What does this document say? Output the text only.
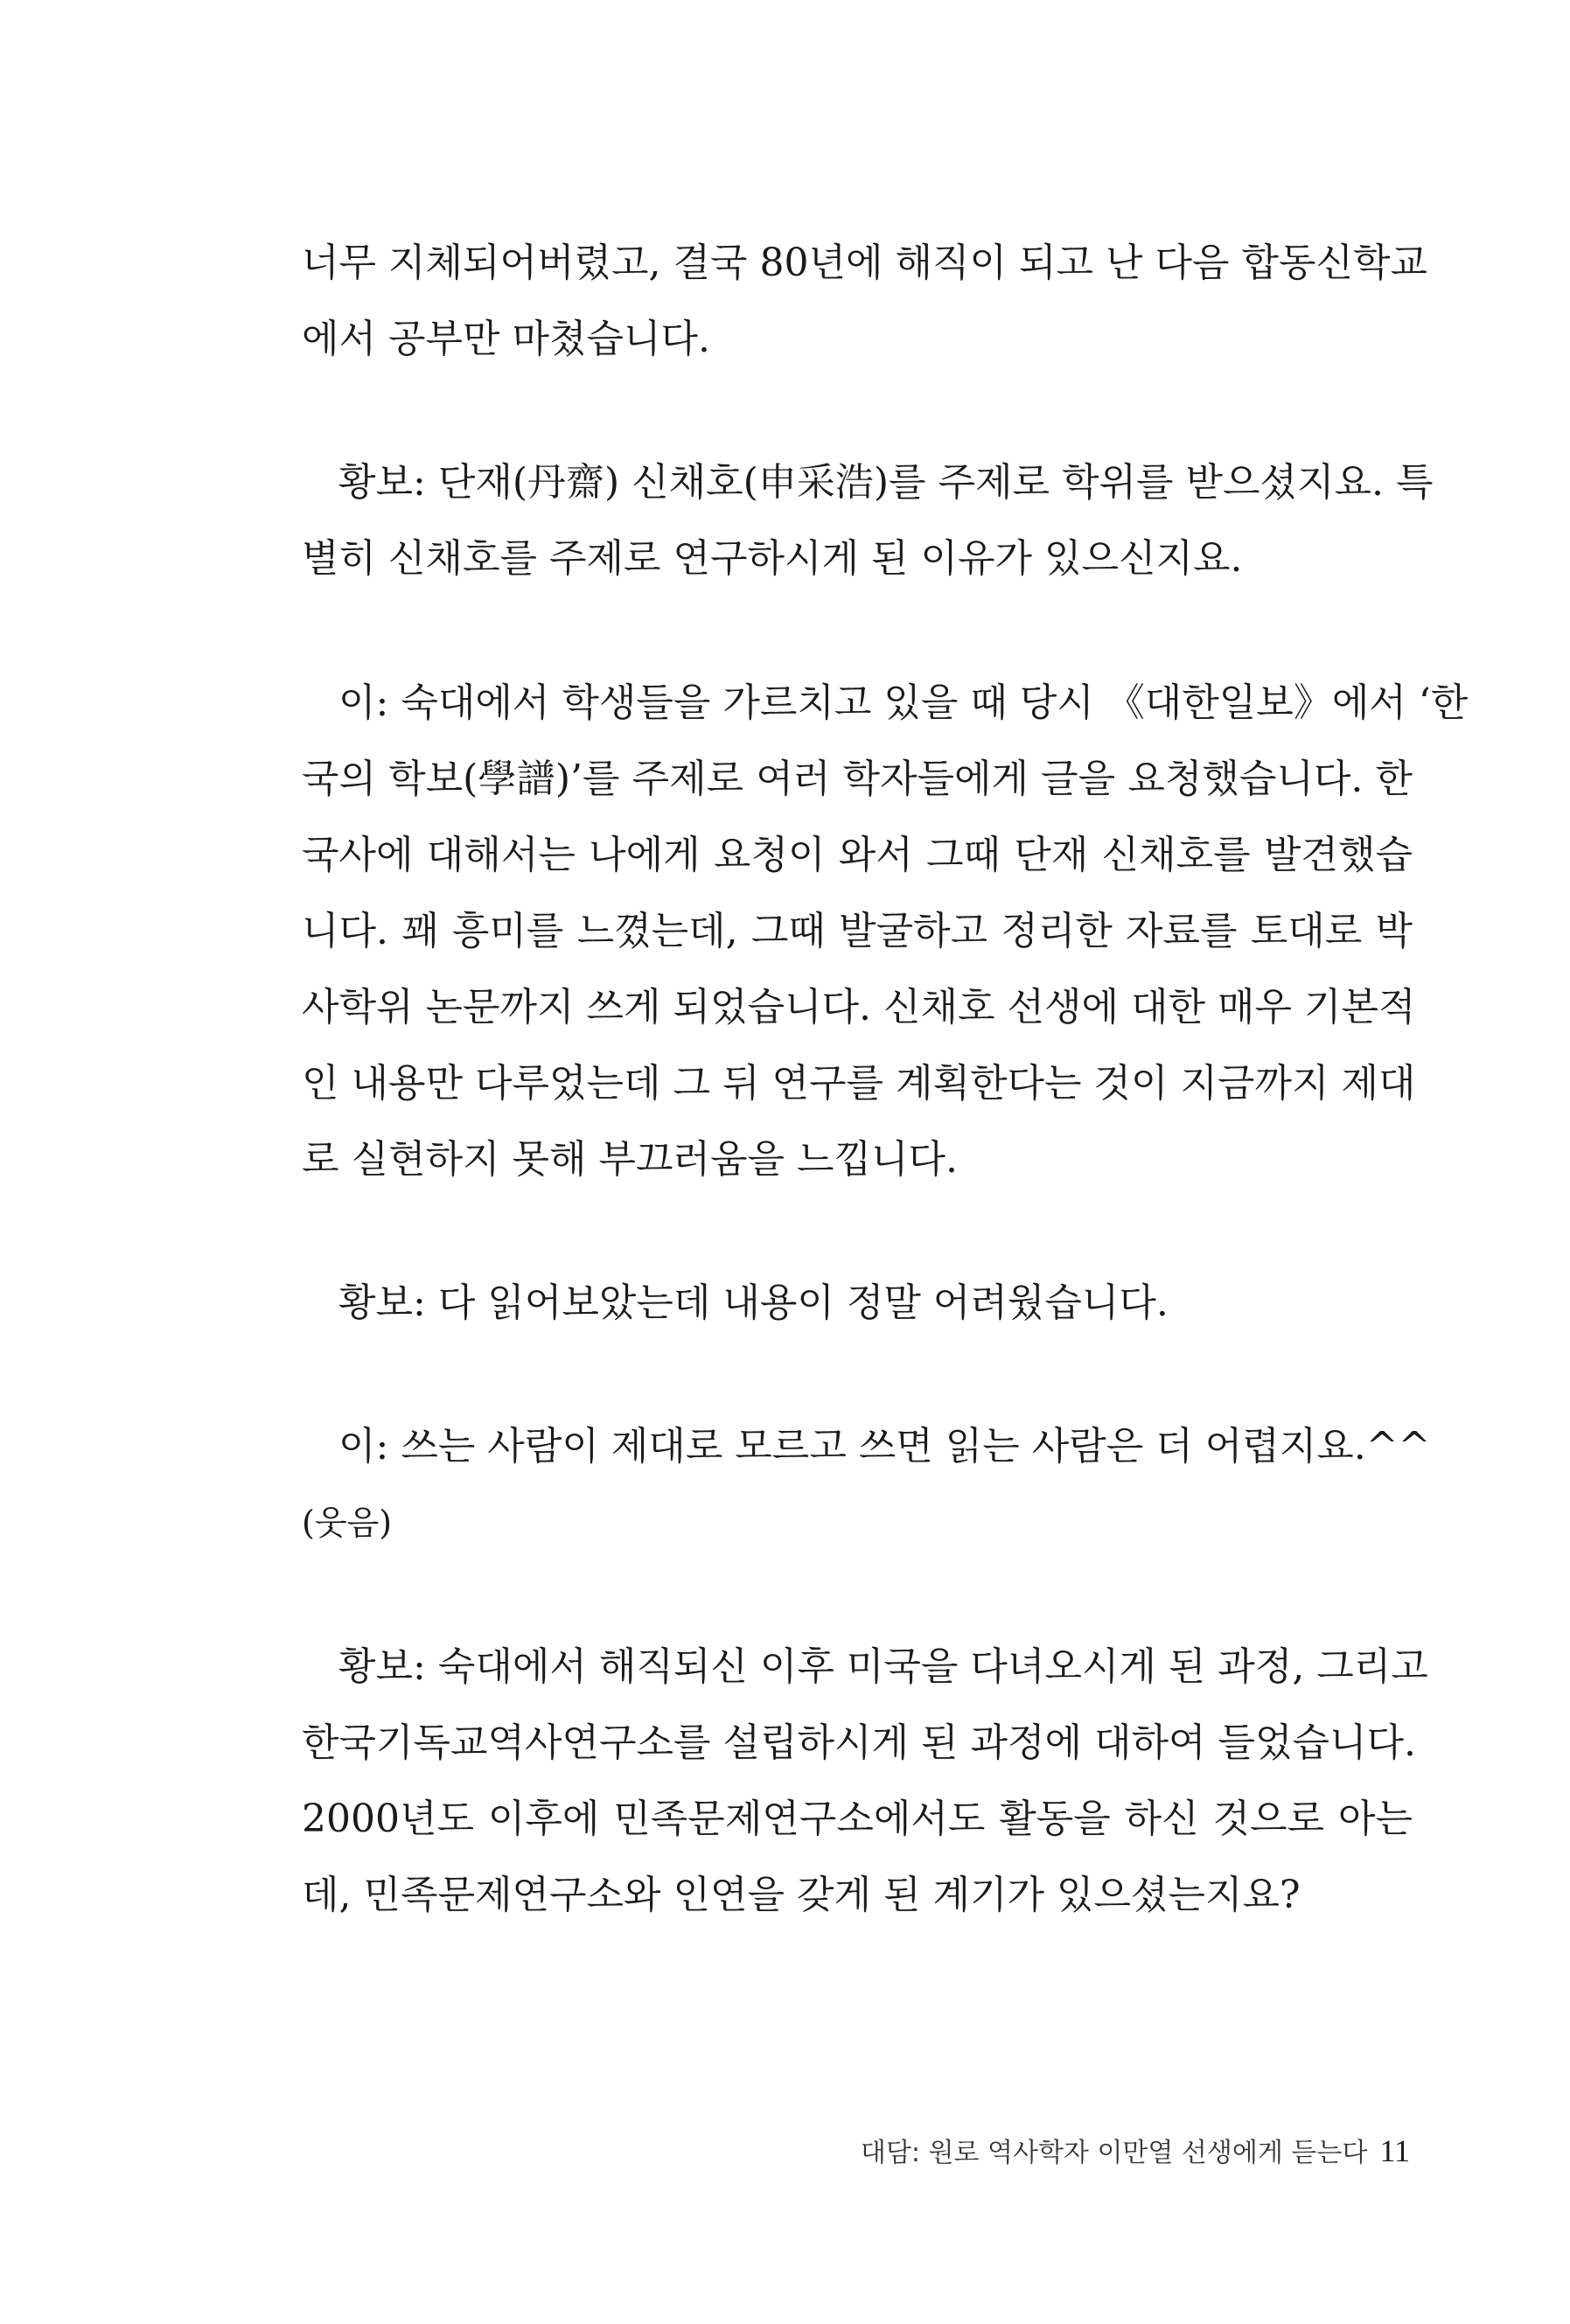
너무 지체되어버렸고, 결국 80년에 해직이 되고 난 다음 합동신학교
에서 공부만 마쳤습니다.
황보: 단재(丹齋) 신채호(申采浩)를 주제로 학위를 받으셨지요. 특
별히 신채호를 주제로 연구하시게 된 이유가 있으신지요.
이: 숙대에서 학생들을 가르치고 있을 때 당시 《대한일보》에서 ‘한
국의 학보(學譜)’를 주제로 여러 학자들에게 글을 요청했습니다. 한
국사에 대해서는 나에게 요청이 와서 그때 단재 신채호를 발견했습
니다. 꽤 흥미를 느꼈는데, 그때 발굴하고 정리한 자료를 토대로 박
사학위 논문까지 쓰게 되었습니다. 신채호 선생에 대한 매우 기본적
인 내용만 다루었는데 그 뒤 연구를 계획한다는 것이 지금까지 제대
로 실현하지 못해 부끄러움을 느낍니다.
황보: 다 읽어보았는데 내용이 정말 어려웠습니다.
이: 쓰는 사람이 제대로 모르고 쓰면 읽는 사람은 더 어렵지요.^^
(웃음)
황보: 숙대에서 해직되신 이후 미국을 다녀오시게 된 과정, 그리고
한국기독교역사연구소를 설립하시게 된 과정에 대하여 들었습니다.
2000년도 이후에 민족문제연구소에서도 활동을 하신 것으로 아는
데, 민족문제연구소와 인연을 갖게 된 계기가 있으셨는지요?
대담: 원로 역사학자 이만열 선생에게 듣는다 11
